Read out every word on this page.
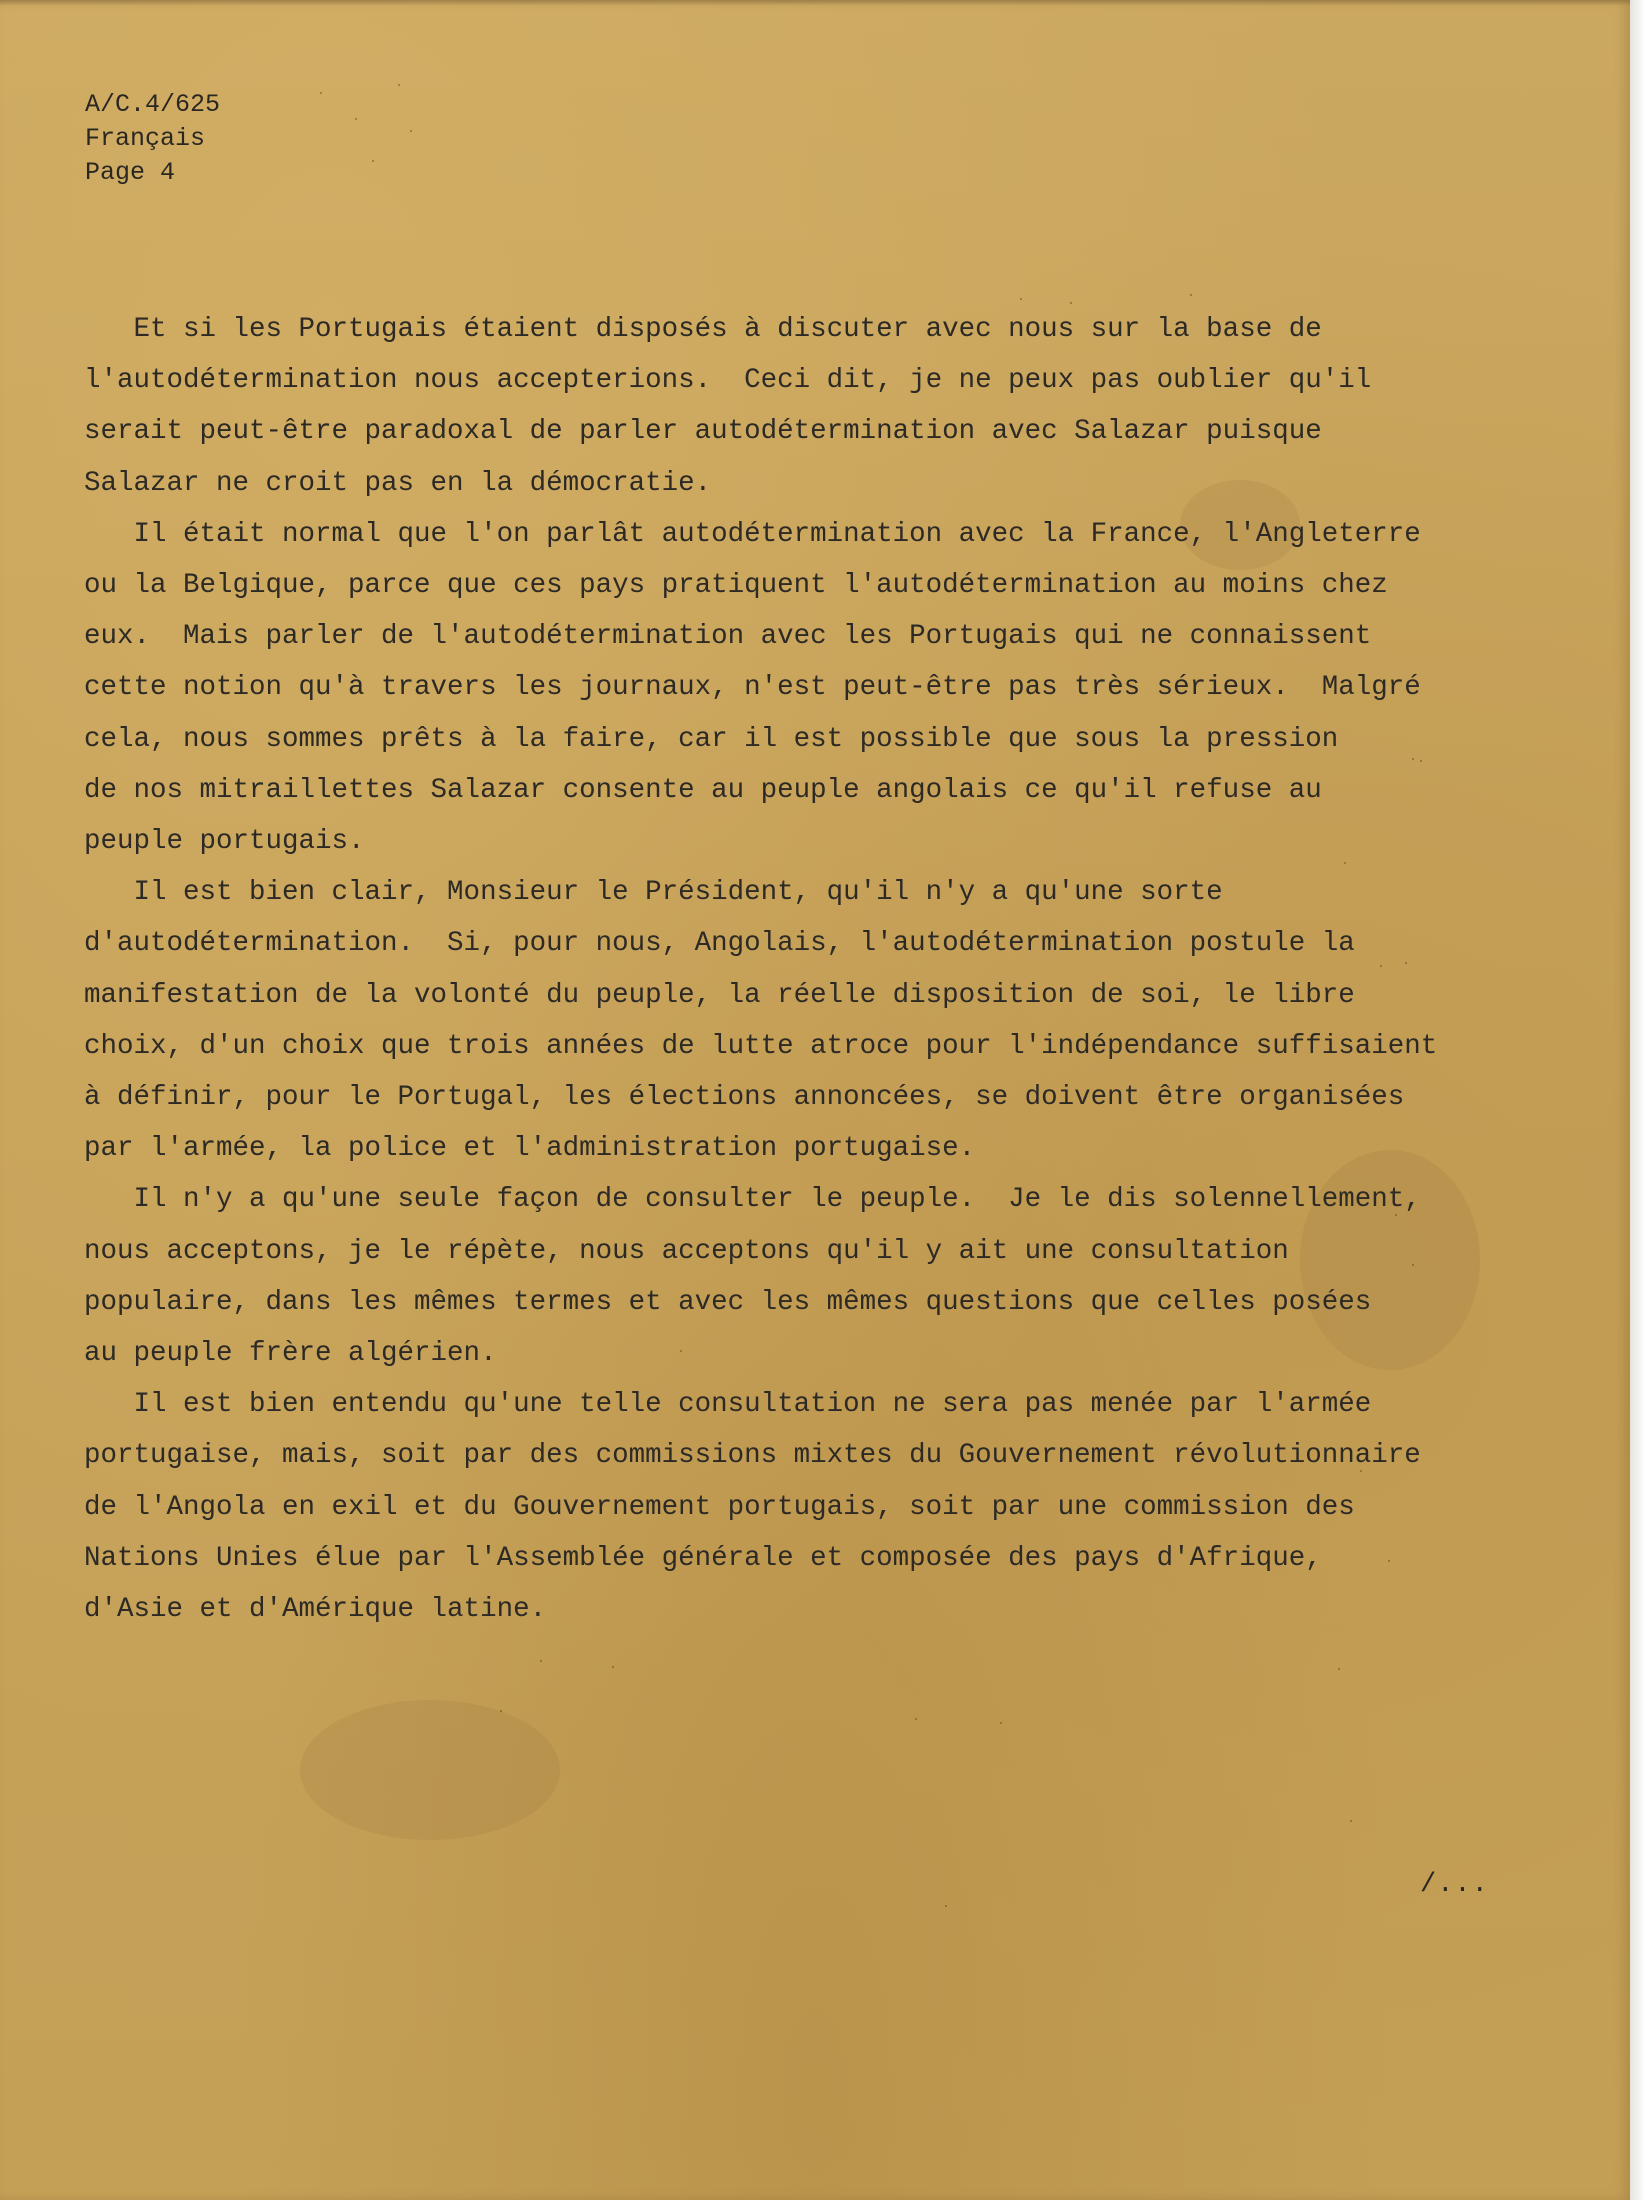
A/C.4/625
Français
Page 4
Et si les Portugais étaient disposés à discuter avec nous sur la base de
l'autodétermination nous accepterions.  Ceci dit, je ne peux pas oublier qu'il
serait peut-être paradoxal de parler autodétermination avec Salazar puisque
Salazar ne croit pas en la démocratie.
Il était normal que l'on parlât autodétermination avec la France, l'Angleterre
ou la Belgique, parce que ces pays pratiquent l'autodétermination au moins chez
eux.  Mais parler de l'autodétermination avec les Portugais qui ne connaissent
cette notion qu'à travers les journaux, n'est peut-être pas très sérieux.  Malgré
cela, nous sommes prêts à la faire, car il est possible que sous la pression
de nos mitraillettes Salazar consente au peuple angolais ce qu'il refuse au
peuple portugais.
Il est bien clair, Monsieur le Président, qu'il n'y a qu'une sorte
d'autodétermination.  Si, pour nous, Angolais, l'autodétermination postule la
manifestation de la volonté du peuple, la réelle disposition de soi, le libre
choix, d'un choix que trois années de lutte atroce pour l'indépendance suffisaient
à définir, pour le Portugal, les élections annoncées, se doivent être organisées
par l'armée, la police et l'administration portugaise.
Il n'y a qu'une seule façon de consulter le peuple.  Je le dis solennellement,
nous acceptons, je le répète, nous acceptons qu'il y ait une consultation
populaire, dans les mêmes termes et avec les mêmes questions que celles posées
au peuple frère algérien.
Il est bien entendu qu'une telle consultation ne sera pas menée par l'armée
portugaise, mais, soit par des commissions mixtes du Gouvernement révolutionnaire
de l'Angola en exil et du Gouvernement portugais, soit par une commission des
Nations Unies élue par l'Assemblée générale et composée des pays d'Afrique,
d'Asie et d'Amérique latine.
/...
